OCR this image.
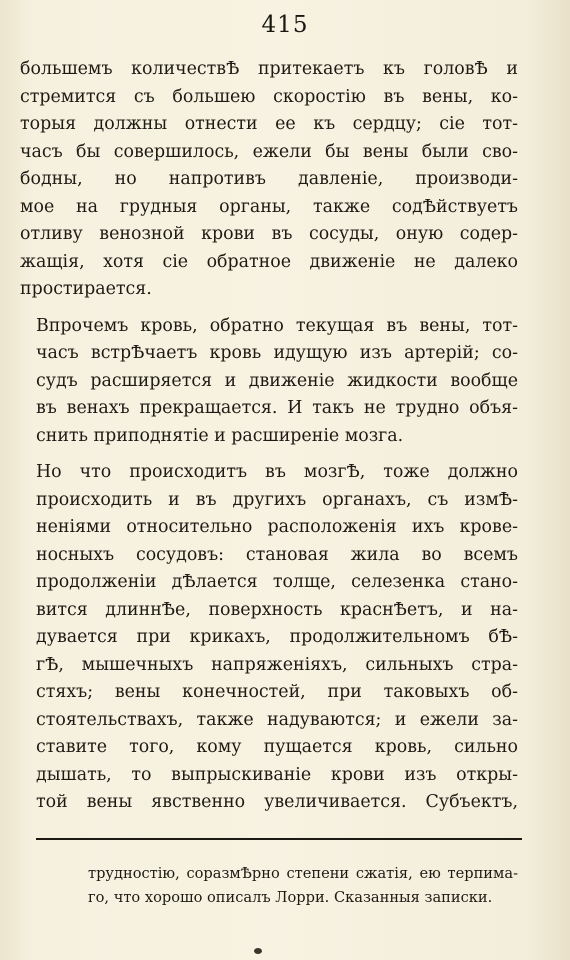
415

большемъ количествѢ притекаетъ къ головѢ и
стремится съ большею скоростію въ вены, ко-
торыя должны отнести ее къ сердцу; сіе тот-
часъ бы совершилось, ежели бы вены были сво-
бодны, но напротивъ давленіе, производи-
мое на грудныя органы, также содѢйствуетъ
отливу венозной крови въ сосуды, оную содер-
жащія, хотя сіе обратное движеніе не далеко
простирается.

Впрочемъ кровь, обратно текущая въ вены, тот-
часъ встрѢчаетъ кровь идущую изъ артерій; со-
судъ расширяется и движеніе жидкости вообще
въ венахъ прекращается. И такъ не трудно объя-
снить приподнятіе и расширеніе мозга.

Но что происходитъ въ мозгѢ, тоже должно
происходить и въ другихъ органахъ, съ измѢ-
неніями относительно расположенія ихъ крове-
носныхъ сосудовъ: становая жила во всемъ
продолженіи дѢлается толще, селезенка стано-
вится длиннѢе, поверхность краснѢетъ, и на-
дувается при крикахъ, продолжительномъ бѢ-
гѢ, мышечныхъ напряженіяхъ, сильныхъ стра-
стяхъ; вены конечностей, при таковыхъ об-
стоятельствахъ, также надуваются; и ежели за-
ставите того, кому пущается кровь, сильно
дышать, то выпрыскиваніе крови изъ откры-
той вены явственно увеличивается. Субъектъ,

трудностію, соразмѢрно степени сжатія, ею терпима-
го, что хорошо описалъ Лорри. Сказанныя записки.
